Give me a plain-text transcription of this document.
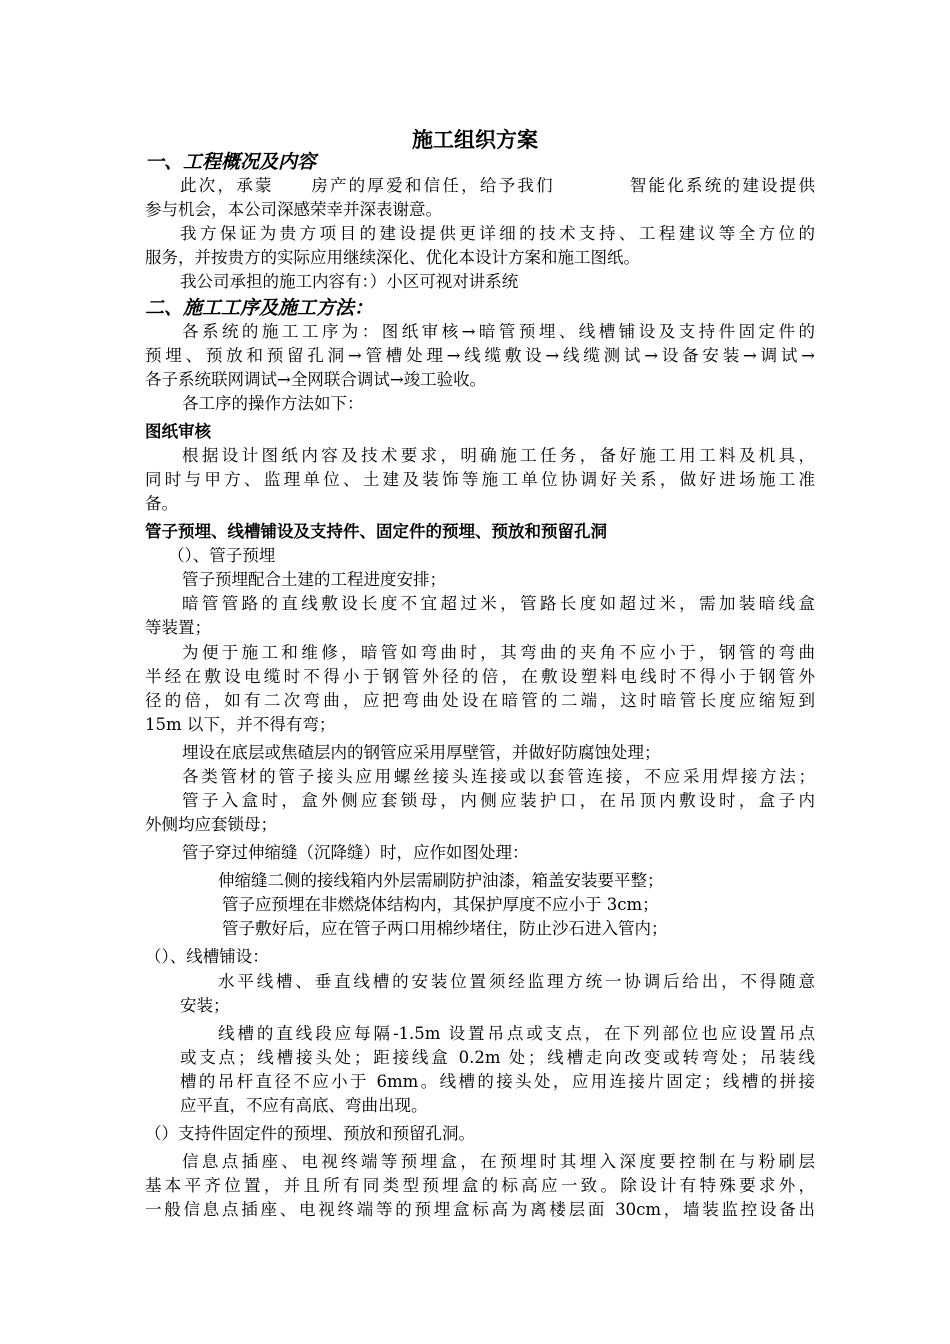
施工组织方案
一、工程概况及内容
此次，承蒙　　房产的厚爱和信任，给予我们　　　　智能化系统的建设提供
参与机会，本公司深感荣幸并深表谢意。
我方保证为贵方项目的建设提供更详细的技术支持、工程建议等全方位的
服务，并按贵方的实际应用继续深化、优化本设计方案和施工图纸。
我公司承担的施工内容有：）小区可视对讲系统
二、施工工序及施工方法：
各系统的施工工序为：图纸审核→暗管预埋、线槽铺设及支持件固定件的
预埋、预放和预留孔洞→管槽处理→线缆敷设→线缆测试→设备安装→调试→
各子系统联网调试→全网联合调试→竣工验收。
各工序的操作方法如下：
图纸审核
根据设计图纸内容及技术要求，明确施工任务，备好施工用工料及机具，
同时与甲方、监理单位、土建及装饰等施工单位协调好关系，做好进场施工准
备。
管子预埋、线槽铺设及支持件、固定件的预埋、预放和预留孔洞
（）、管子预埋
管子预埋配合土建的工程进度安排；
暗管管路的直线敷设长度不宜超过米，管路长度如超过米，需加装暗线盒
等装置；
为便于施工和维修，暗管如弯曲时，其弯曲的夹角不应小于，钢管的弯曲
半经在敷设电缆时不得小于钢管外径的倍，在敷设塑料电线时不得小于钢管外
径的倍，如有二次弯曲，应把弯曲处设在暗管的二端，这时暗管长度应缩短到
15m 以下，并不得有弯；
埋设在底层或焦碴层内的钢管应采用厚壁管，并做好防腐蚀处理；
各类管材的管子接头应用螺丝接头连接或以套管连接，不应采用焊接方法；
管子入盒时，盒外侧应套锁母，内侧应装护口，在吊顶内敷设时，盒子内
外侧均应套锁母；
管子穿过伸缩缝（沉降缝）时，应作如图处理：
伸缩缝二侧的接线箱内外层需刷防护油漆，箱盖安装要平整；
管子应预埋在非燃烧体结构内，其保护厚度不应小于 3cm；
管子敷好后，应在管子两口用棉纱堵住，防止沙石进入管内；
（）、线槽铺设：
水平线槽、垂直线槽的安装位置须经监理方统一协调后给出，不得随意
安装；
线槽的直线段应每隔-1.5m 设置吊点或支点，在下列部位也应设置吊点
或支点；线槽接头处；距接线盒 0.2m 处；线槽走向改变或转弯处；吊装线
槽的吊杆直径不应小于 6mm。线槽的接头处，应用连接片固定；线槽的拼接
应平直，不应有高底、弯曲出现。
（）支持件固定件的预埋、预放和预留孔洞。
信息点插座、电视终端等预埋盒，在预埋时其埋入深度要控制在与粉刷层
基本平齐位置，并且所有同类型预埋盒的标高应一致。除设计有特殊要求外，
一般信息点插座、电视终端等的预埋盒标高为离楼层面 30cm，墙装监控设备出
